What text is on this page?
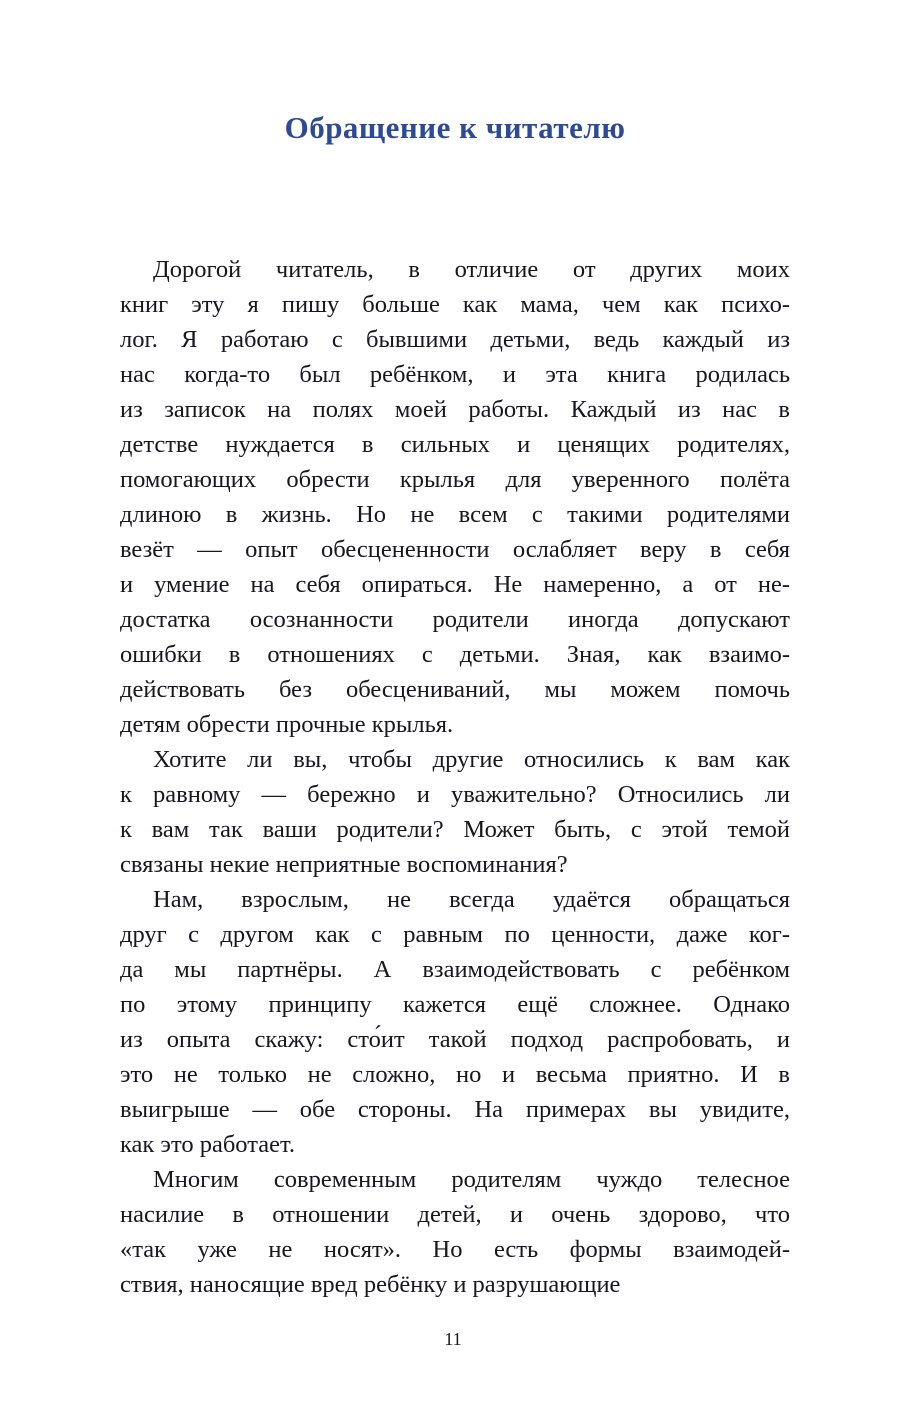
Обращение к читателю

Дорогой читатель, в отличие от других моих
книг эту я пишу больше как мама, чем как психо-
лог. Я работаю с бывшими детьми, ведь каждый из
нас когда-то был ребёнком, и эта книга родилась
из записок на полях моей работы. Каждый из нас в
детстве нуждается в сильных и ценящих родителях,
помогающих обрести крылья для уверенного полёта
длиною в жизнь. Но не всем с такими родителями
везёт — опыт обесцененности ослабляет веру в себя
и умение на себя опираться. Не намеренно, а от не-
достатка осознанности родители иногда допускают
ошибки в отношениях с детьми. Зная, как взаимо-
действовать без обесцениваний, мы можем помочь
детям обрести прочные крылья.

Хотите ли вы, чтобы другие относились к вам как
к равному — бережно и уважительно? Относились ли
к вам так ваши родители? Может быть, с этой темой
связаны некие неприятные воспоминания?

Нам, взрослым, не всегда удаётся обращаться
друг с другом как с равным по ценности, даже ког-
да мы партнёры. А взаимодействовать с ребёнком
по этому принципу кажется ещё сложнее. Однако
из опыта скажу: сто́ит такой подход распробовать, и
это не только не сложно, но и весьма приятно. И в
выигрыше — обе стороны. На примерах вы увидите,
как это работает.

Многим современным родителям чуждо телесное
насилие в отношении детей, и очень здорово, что
«так уже не носят». Но есть формы взаимодей-
ствия, наносящие вред ребёнку и разрушающие

11
